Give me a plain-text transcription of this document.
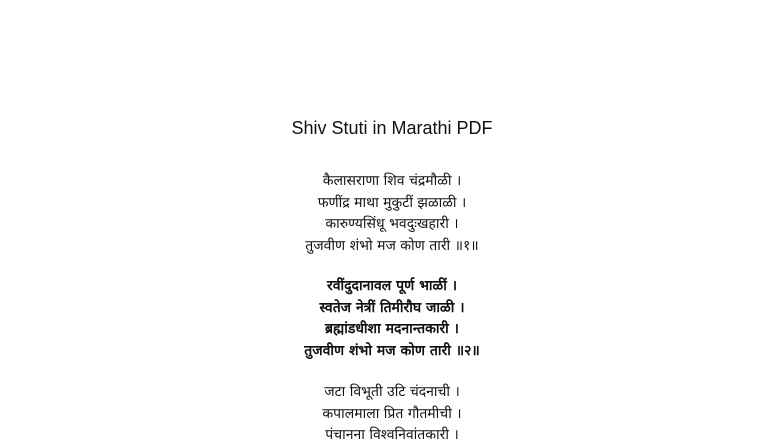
Shiv Stuti in Marathi PDF
कैलासराणा शिव चंद्रमौळी ।
फणींद्र माथा मुकुटीं झळाळी ।
कारुण्यसिंधू भवदुःखहारी ।
तुजवीण शंभो मज कोण तारी ॥१॥
रवींदुदानावल पूर्ण भाळीं ।
स्वतेज नेत्रीं तिमीरौघ जाळी ।
ब्रह्मांडधीशा मदनान्तकारी ।
तुजवीण शंभो मज कोण तारी ॥२॥
जटा विभूती उटि चंदनाची ।
कपालमाला प्रित गौतमीची ।
पंचानना विश्वनिवांतकारी ।
